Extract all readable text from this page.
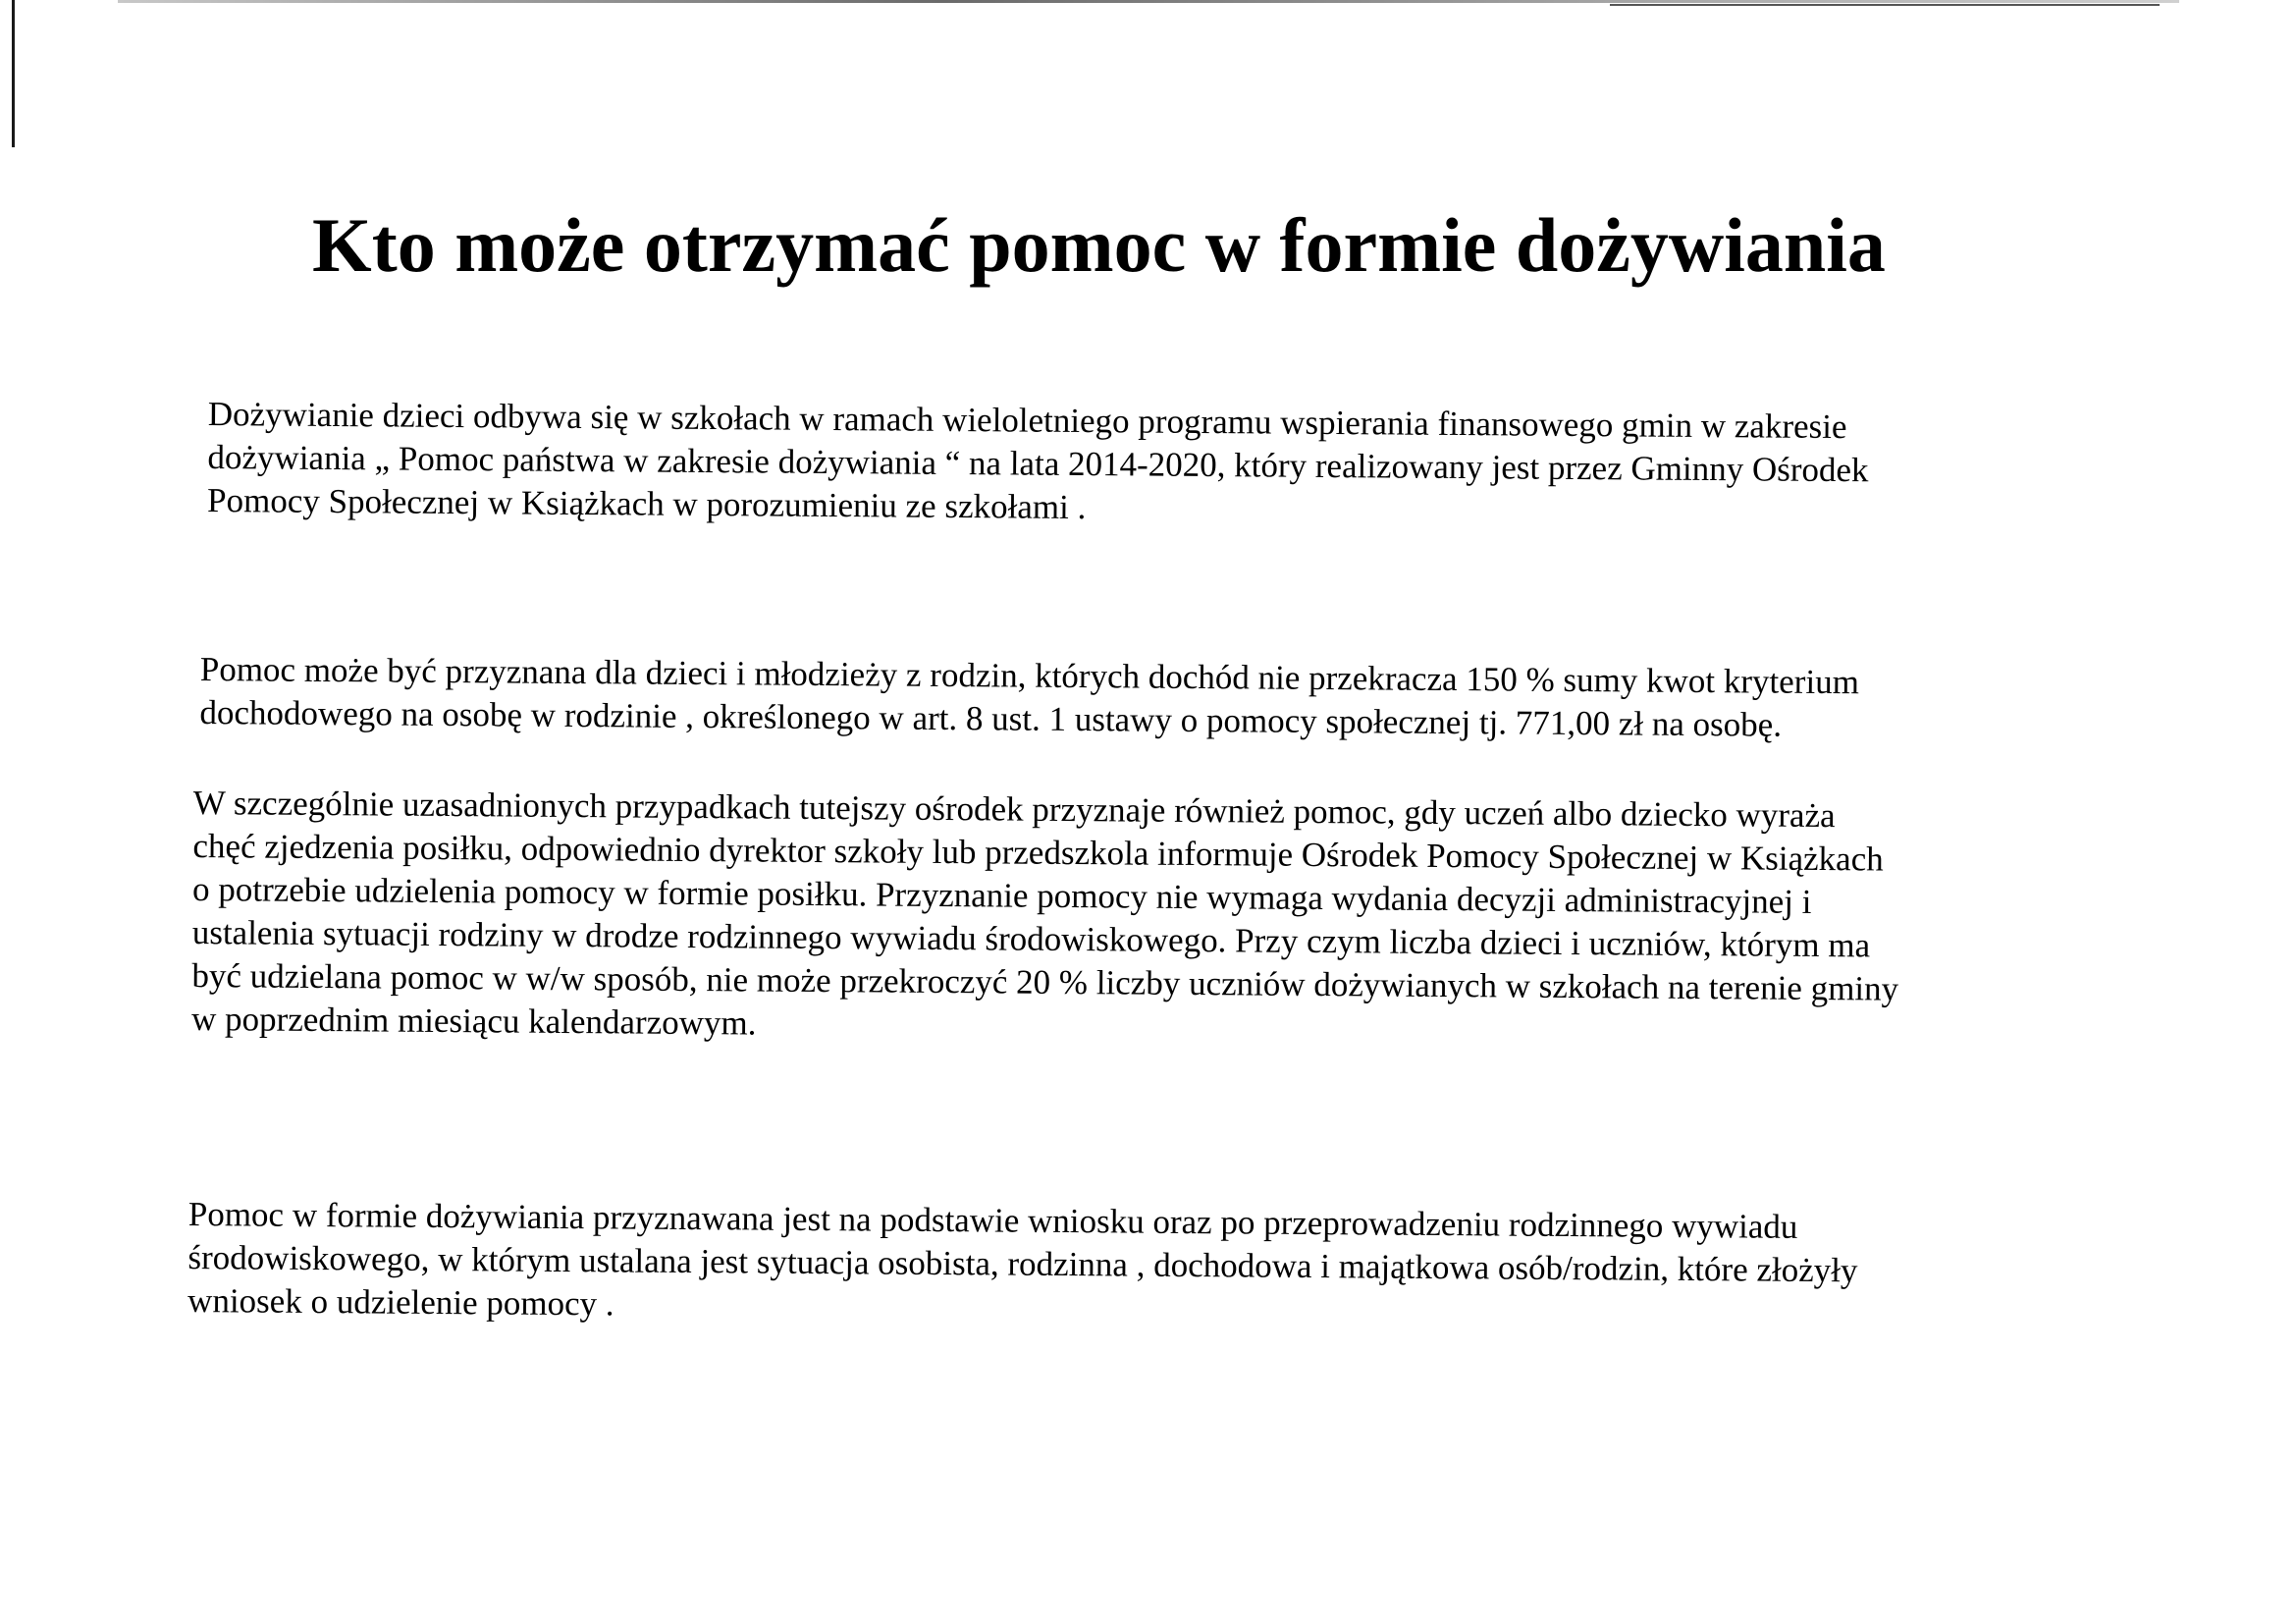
Kto może otrzymać pomoc w formie dożywiania
Dożywianie dzieci odbywa się w szkołach w ramach wieloletniego programu wspierania finansowego gmin w zakresie
dożywiania „ Pomoc państwa w zakresie dożywiania “ na lata 2014-2020, który realizowany jest przez Gminny Ośrodek
Pomocy Społecznej w Książkach w porozumieniu ze szkołami .
Pomoc może być przyznana dla dzieci i młodzieży z rodzin, których dochód nie przekracza 150 % sumy kwot kryterium
dochodowego na osobę w rodzinie , określonego w art. 8 ust. 1 ustawy o pomocy społecznej tj. 771,00 zł na osobę.
W szczególnie uzasadnionych przypadkach tutejszy ośrodek przyznaje również pomoc, gdy uczeń albo dziecko wyraża
chęć zjedzenia posiłku, odpowiednio dyrektor szkoły lub przedszkola informuje Ośrodek Pomocy Społecznej w Książkach
o potrzebie udzielenia pomocy w formie posiłku. Przyznanie pomocy nie wymaga wydania decyzji administracyjnej i
ustalenia sytuacji rodziny w drodze rodzinnego wywiadu środowiskowego. Przy czym liczba dzieci i uczniów, którym ma
być udzielana pomoc w w/w sposób, nie może przekroczyć 20 % liczby uczniów dożywianych w szkołach na terenie gminy
w poprzednim miesiącu kalendarzowym.
Pomoc w formie dożywiania przyznawana jest na podstawie wniosku oraz po przeprowadzeniu rodzinnego wywiadu
środowiskowego, w którym ustalana jest sytuacja osobista, rodzinna , dochodowa i majątkowa osób/rodzin, które złożyły
wniosek o udzielenie pomocy .
